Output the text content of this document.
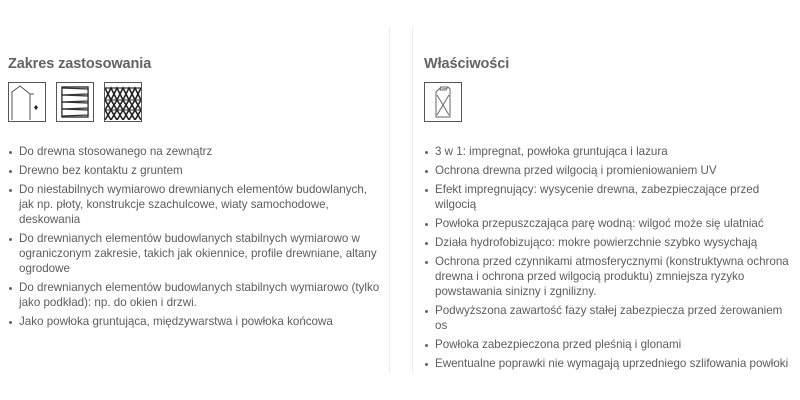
Zakres zastosowania
Do drewna stosowanego na zewnątrz
Drewno bez kontaktu z gruntem
Do niestabilnych wymiarowo drewnianych elementów budowlanych, jak np. płoty, konstrukcje szachulcowe, wiaty samochodowe, deskowania
Do drewnianych elementów budowlanych stabilnych wymiarowo w ograniczonym zakresie, takich jak okiennice, profile drewniane, altany ogrodowe
Do drewnianych elementów budowlanych stabilnych wymiarowo (tylko jako podkład): np. do okien i drzwi.
Jako powłoka gruntująca, międzywarstwa i powłoka końcowa
Właściwości
3 w 1: impregnat, powłoka gruntująca i lazura
Ochrona drewna przed wilgocią i promieniowaniem UV
Efekt impregnujący: wysycenie drewna, zabezpieczające przed wilgocią
Powłoka przepuszczająca parę wodną: wilgoć może się ulatniać
Działa hydrofobizująco: mokre powierzchnie szybko wysychają
Ochrona przed czynnikami atmosferycznymi (konstruktywna ochrona drewna i ochrona przed wilgocią produktu) zmniejsza ryzyko powstawania sinizny i zgnilizny.
Podwyższona zawartość fazy stałej zabezpiecza przed żerowaniem os
Powłoka zabezpieczona przed pleśnią i glonami
Ewentualne poprawki nie wymagają uprzedniego szlifowania powłoki
